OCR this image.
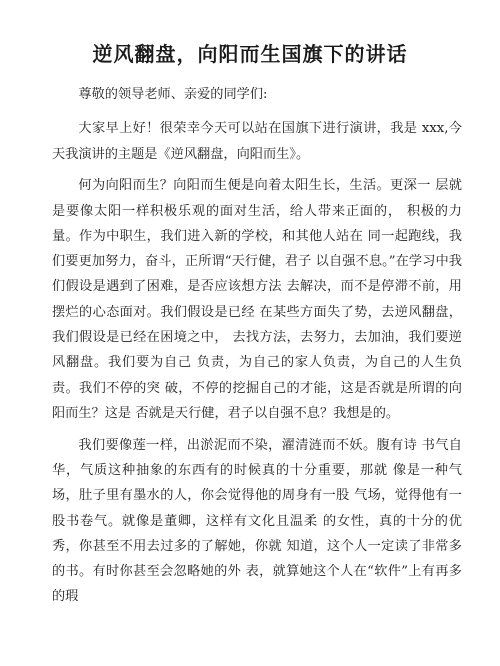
逆风翻盘，向阳而生国旗下的讲话

尊敬的领导老师、亲爱的同学们:

大家早上好！很荣幸今天可以站在国旗下进行演讲，我是 xxx,今天我演讲的主题是《逆风翻盘，向阳而生》。

何为向阳而生？向阳而生便是向着太阳生长，生活。更深一 层就是要像太阳一样积极乐观的面对生活，给人带来正面的， 积极的力量。作为中职生，我们进入新的学校，和其他人站在 同一起跑线，我们要更加努力，奋斗，正所谓“天行健，君子 以自强不息。”在学习中我们假设是遇到了困难，是否应该想方法 去解决，而不是停滞不前，用摆烂的心态面对。我们假设是已经 在某些方面失了势，去逆风翻盘，我们假设是已经在困境之中， 去找方法，去努力，去加油，我们要逆风翻盘。我们要为自己 负责，为自己的家人负责，为自己的人生负责。我们不停的突 破，不停的挖掘自己的才能，这是否就是所谓的向阳而生？这是 否就是天行健，君子以自强不息？我想是的。

我们要像莲一样，出淤泥而不染，濯清涟而不妖。腹有诗 书气自华，气质这种抽象的东西有的时候真的十分重要，那就 像是一种气场，肚子里有墨水的人，你会觉得他的周身有一股 气场，觉得他有一股书卷气。就像是董卿，这样有文化且温柔 的女性，真的十分的优秀，你甚至不用去过多的了解她，你就 知道，这个人一定读了非常多的书。有时你甚至会忽略她的外 表，就算她这个人在“软件”上有再多的瑕
